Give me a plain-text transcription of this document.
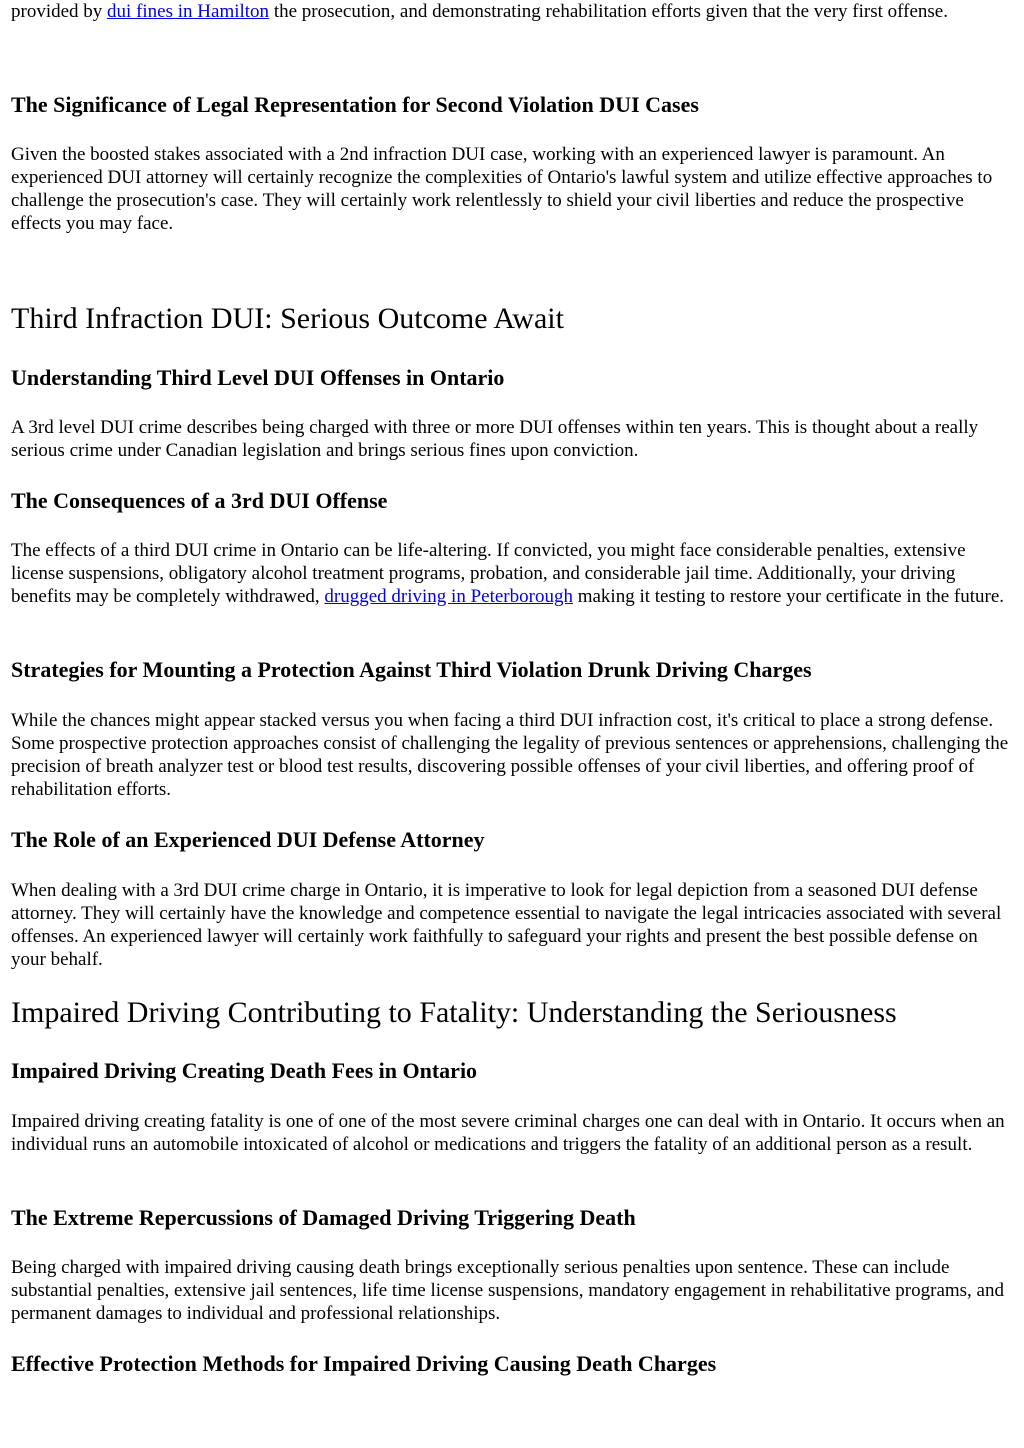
provided by dui fines in Hamilton the prosecution, and demonstrating rehabilitation efforts given that the very first offense.

The Significance of Legal Representation for Second Violation DUI Cases

Given the boosted stakes associated with a 2nd infraction DUI case, working with an experienced lawyer is paramount. An experienced DUI attorney will certainly recognize the complexities of Ontario's lawful system and utilize effective approaches to challenge the prosecution's case. They will certainly work relentlessly to shield your civil liberties and reduce the prospective effects you may face.

Third Infraction DUI: Serious Outcome Await
Understanding Third Level DUI Offenses in Ontario

A 3rd level DUI crime describes being charged with three or more DUI offenses within ten years. This is thought about a really serious crime under Canadian legislation and brings serious fines upon conviction.

The Consequences of a 3rd DUI Offense

The effects of a third DUI crime in Ontario can be life-altering. If convicted, you might face considerable penalties, extensive license suspensions, obligatory alcohol treatment programs, probation, and considerable jail time. Additionally, your driving benefits may be completely withdrawed, drugged driving in Peterborough making it testing to restore your certificate in the future.

Strategies for Mounting a Protection Against Third Violation Drunk Driving Charges

While the chances might appear stacked versus you when facing a third DUI infraction cost, it's critical to place a strong defense. Some prospective protection approaches consist of challenging the legality of previous sentences or apprehensions, challenging the precision of breath analyzer test or blood test results, discovering possible offenses of your civil liberties, and offering proof of rehabilitation efforts.

The Role of an Experienced DUI Defense Attorney

When dealing with a 3rd DUI crime charge in Ontario, it is imperative to look for legal depiction from a seasoned DUI defense attorney. They will certainly have the knowledge and competence essential to navigate the legal intricacies associated with several offenses. An experienced lawyer will certainly work faithfully to safeguard your rights and present the best possible defense on your behalf.

Impaired Driving Contributing to Fatality: Understanding the Seriousness
Impaired Driving Creating Death Fees in Ontario

Impaired driving creating fatality is one of one of the most severe criminal charges one can deal with in Ontario. It occurs when an individual runs an automobile intoxicated of alcohol or medications and triggers the fatality of an additional person as a result.

The Extreme Repercussions of Damaged Driving Triggering Death

Being charged with impaired driving causing death brings exceptionally serious penalties upon sentence. These can include substantial penalties, extensive jail sentences, life time license suspensions, mandatory engagement in rehabilitative programs, and permanent damages to individual and professional relationships.

Effective Protection Methods for Impaired Driving Causing Death Charges
